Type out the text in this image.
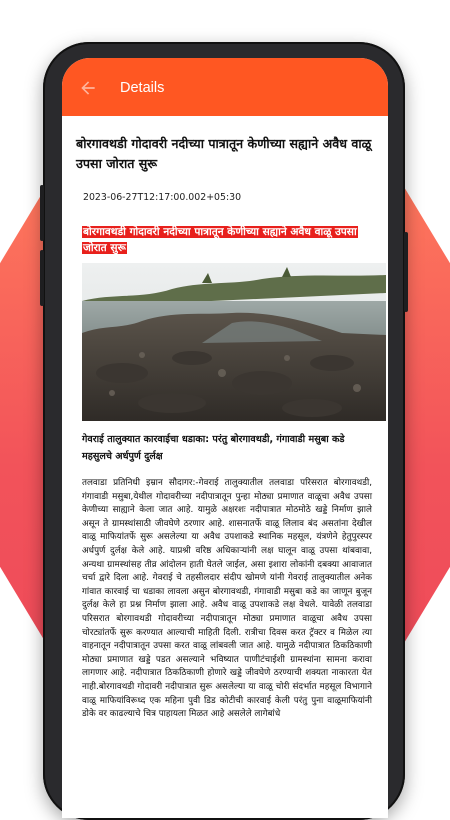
Details
बोरगावथडी गोदावरी नदीच्या पात्रातून केणीच्या सह्याने अवैध वाळू उपसा जोरात सुरू
2023-06-27T12:17:00.002+05:30
बोरगावथडी गोदावरी नदीच्या पात्रातून केणीच्या सह्याने अवैध वाळू उपसा जोरात सुरू
गेवराई तालुक्यात कारवाईचा धडाका: परंतु बोरगावथडी, गंगावाडी मसुबा कडे महसुलचे अर्धपुर्ण दुर्लक्ष
तलवाडा प्रतिनिधी इम्रान सौदागर:-गेवराई तालुक्यातील तलवाडा परिसरात बोरगावथडी, गंगावाडी मसुबा,येथील गोदावरीच्या नदीपात्रातून पुन्हा मोठ्या प्रमाणात वाळूचा अवैध उपसा केणीच्या साह्याने केला जात आहे. यामुळे अक्षरशः नदीपात्रात मोठमोठे खड्डे निर्माण झाले असून ते ग्रामस्थांसाठी जीवघेणे ठरणार आहे. शासनातर्फे वाळू लिलाव बंद असतांना देखील वाळू माफियांतर्फे सुरू असलेल्या या अवैध उपशाकडे स्थानिक महसूल, यंत्रणेने हेतुपुरस्पर अर्धपुर्ण दुर्लक्ष केले आहे. याप्रश्री वरिष्ठ अधिकाऱ्यांनी लक्ष घालून वाळू उपसा थांबवावा, अन्यथा ग्रामस्थांसह तीव्र आंदोलन हाती घेतले जाईल, असा इशारा लोकांनी दबक्या आवाजात चर्चा द्वारे दिला आहे. गेवराई चे तहसीलदार संदीप खोमणे यांनी गेवराई तालुक्यातील अनेक गांवात कारवाई चा धडाका लावला असुन बोरगावथडी, गंगावाडी मसुबा कडे का जाणून बुजून दुर्लक्ष केले हा प्रश्न निर्माण झाला आहे. अवैध वाळू उपशाकडे लक्ष वेधले. यावेळी तलवाडा परिसरात बोरगावथडी गोदावरीच्या नदीपात्रातून मोठ्या प्रमाणात वाळूचा अवैध उपसा चोरट्यांतर्फे सुरू करण्यात आल्याची माहिती दिली. रात्रीचा दिवस करत ट्रॅक्टर व मिळेल त्या वाहनातून नदीपात्रातून उपसा करत वाळू लांबवली जात आहे. यामुळे नदीपात्रात ठिकठिकाणी मोठ्या प्रमाणात खड्डे पडत असल्याने भविष्यात पाणीटंचाईशी ग्रामस्थांना सामना करावा लागणार आहे. नदीपात्रात ठिकठिकाणी होणारे खड्डे जीवघेणे ठरण्याची शक्यता नाकारता येत नाही.बोरगावथडी गोदावरी नदीपात्रात सुरू असलेल्या या वाळू चोरी संदर्भात महसूल विभागाने वाळू माफियांविरूध्द एक महिना पुवी डिड कोटीची कारवाई केली परंतु पुना वाळूमाफियांनी डोके वर काढल्याचे चित्र पाहायला मिळत आहे असलेले लागेबांधे
